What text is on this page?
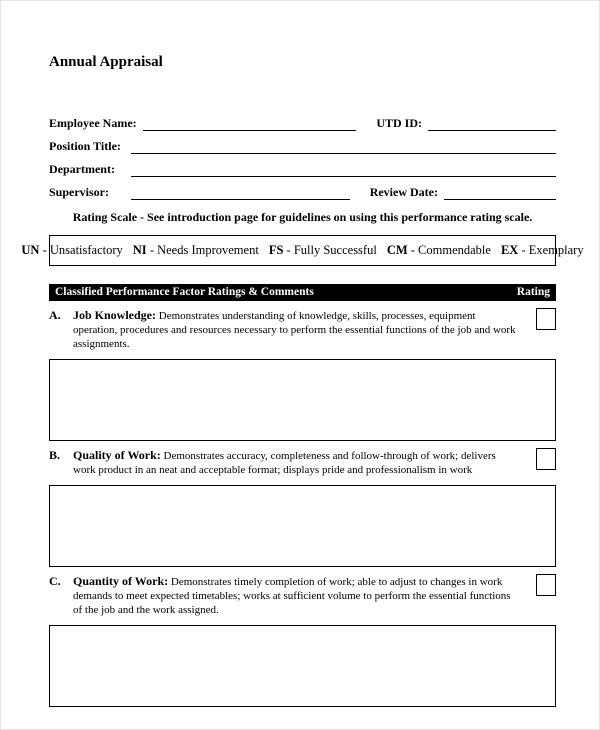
Annual Appraisal
Employee Name:	UTD ID:
Position Title:
Department:
Supervisor:	Review Date:
Rating Scale - See introduction page for guidelines on using this performance rating scale.
UN - Unsatisfactory NI - Needs Improvement FS - Fully Successful CM - Commendable EX - Exemplary
Classified Performance Factor Ratings & Comments	Rating
A.	Job Knowledge: Demonstrates understanding of knowledge, skills, processes, equipment operation, procedures and resources necessary to perform the essential functions of the job and work assignments.
B.	Quality of Work: Demonstrates accuracy, completeness and follow-through of work; delivers work product in an neat and acceptable format; displays pride and professionalism in work
C.	Quantity of Work: Demonstrates timely completion of work; able to adjust to changes in work demands to meet expected timetables; works at sufficient volume to perform the essential functions of the job and the work assigned.
